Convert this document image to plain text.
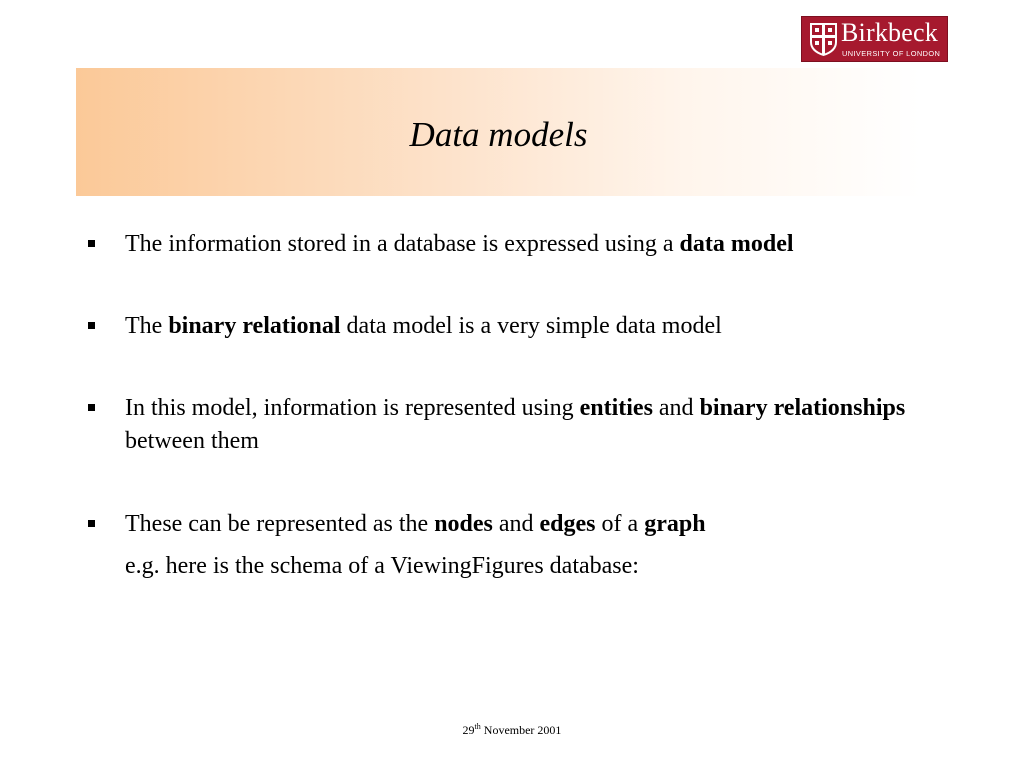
Birkbeck
UNIVERSITY OF LONDON
Data models
The information stored in a database is expressed using a data model
The binary relational data model is a very simple data model
In this model, information is represented using entities and binary relationships between them
These can be represented as the nodes and edges of a graph
e.g. here is the schema of a ViewingFigures database:
29th November 2001
